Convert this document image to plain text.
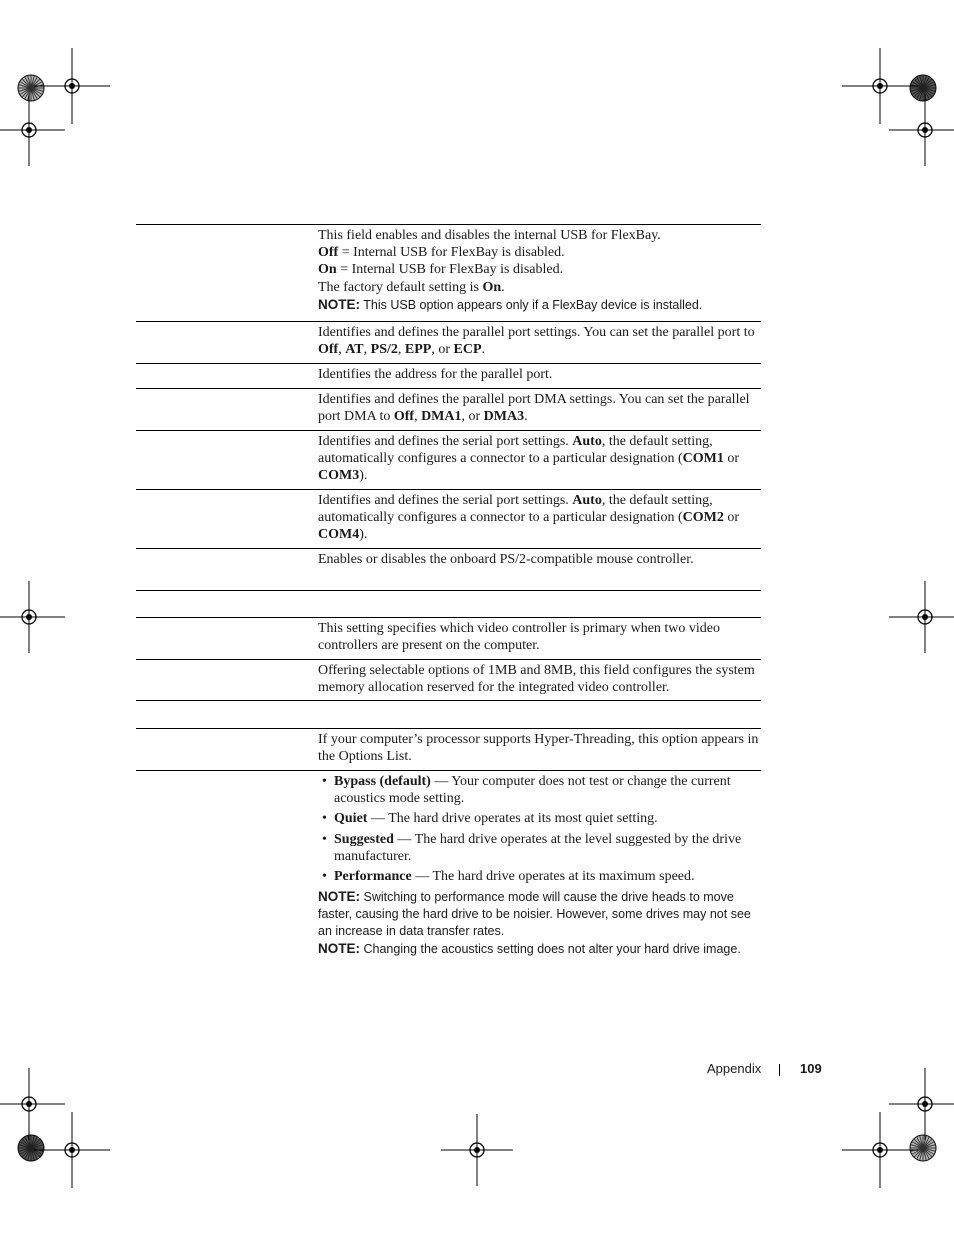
This field enables and disables the internal USB for FlexBay.

Off = Internal USB for FlexBay is disabled.

On = Internal USB for FlexBay is disabled.

The factory default setting is On.

NOTE: This USB option appears only if a FlexBay device is installed.

Identifies and defines the parallel port settings. You can set the parallel port to Off, AT, PS/2, EPP, or ECP.

Identifies the address for the parallel port.

Identifies and defines the parallel port DMA settings. You can set the parallel port DMA to Off, DMA1, or DMA3.

Identifies and defines the serial port settings. Auto, the default setting, automatically configures a connector to a particular designation (COM1 or COM3).

Identifies and defines the serial port settings. Auto, the default setting, automatically configures a connector to a particular designation (COM2 or COM4).

Enables or disables the onboard PS/2-compatible mouse controller.

This setting specifies which video controller is primary when two video controllers are present on the computer.

Offering selectable options of 1MB and 8MB, this field configures the system memory allocation reserved for the integrated video controller.

If your computer’s processor supports Hyper-Threading, this option appears in the Options List.

• Bypass (default) — Your computer does not test or change the current acoustics mode setting.
• Quiet — The hard drive operates at its most quiet setting.
• Suggested — The hard drive operates at the level suggested by the drive manufacturer.
• Performance — The hard drive operates at its maximum speed.

NOTE: Switching to performance mode will cause the drive heads to move faster, causing the hard drive to be noisier. However, some drives may not see an increase in data transfer rates.

NOTE: Changing the acoustics setting does not alter your hard drive image.

Appendix	109
